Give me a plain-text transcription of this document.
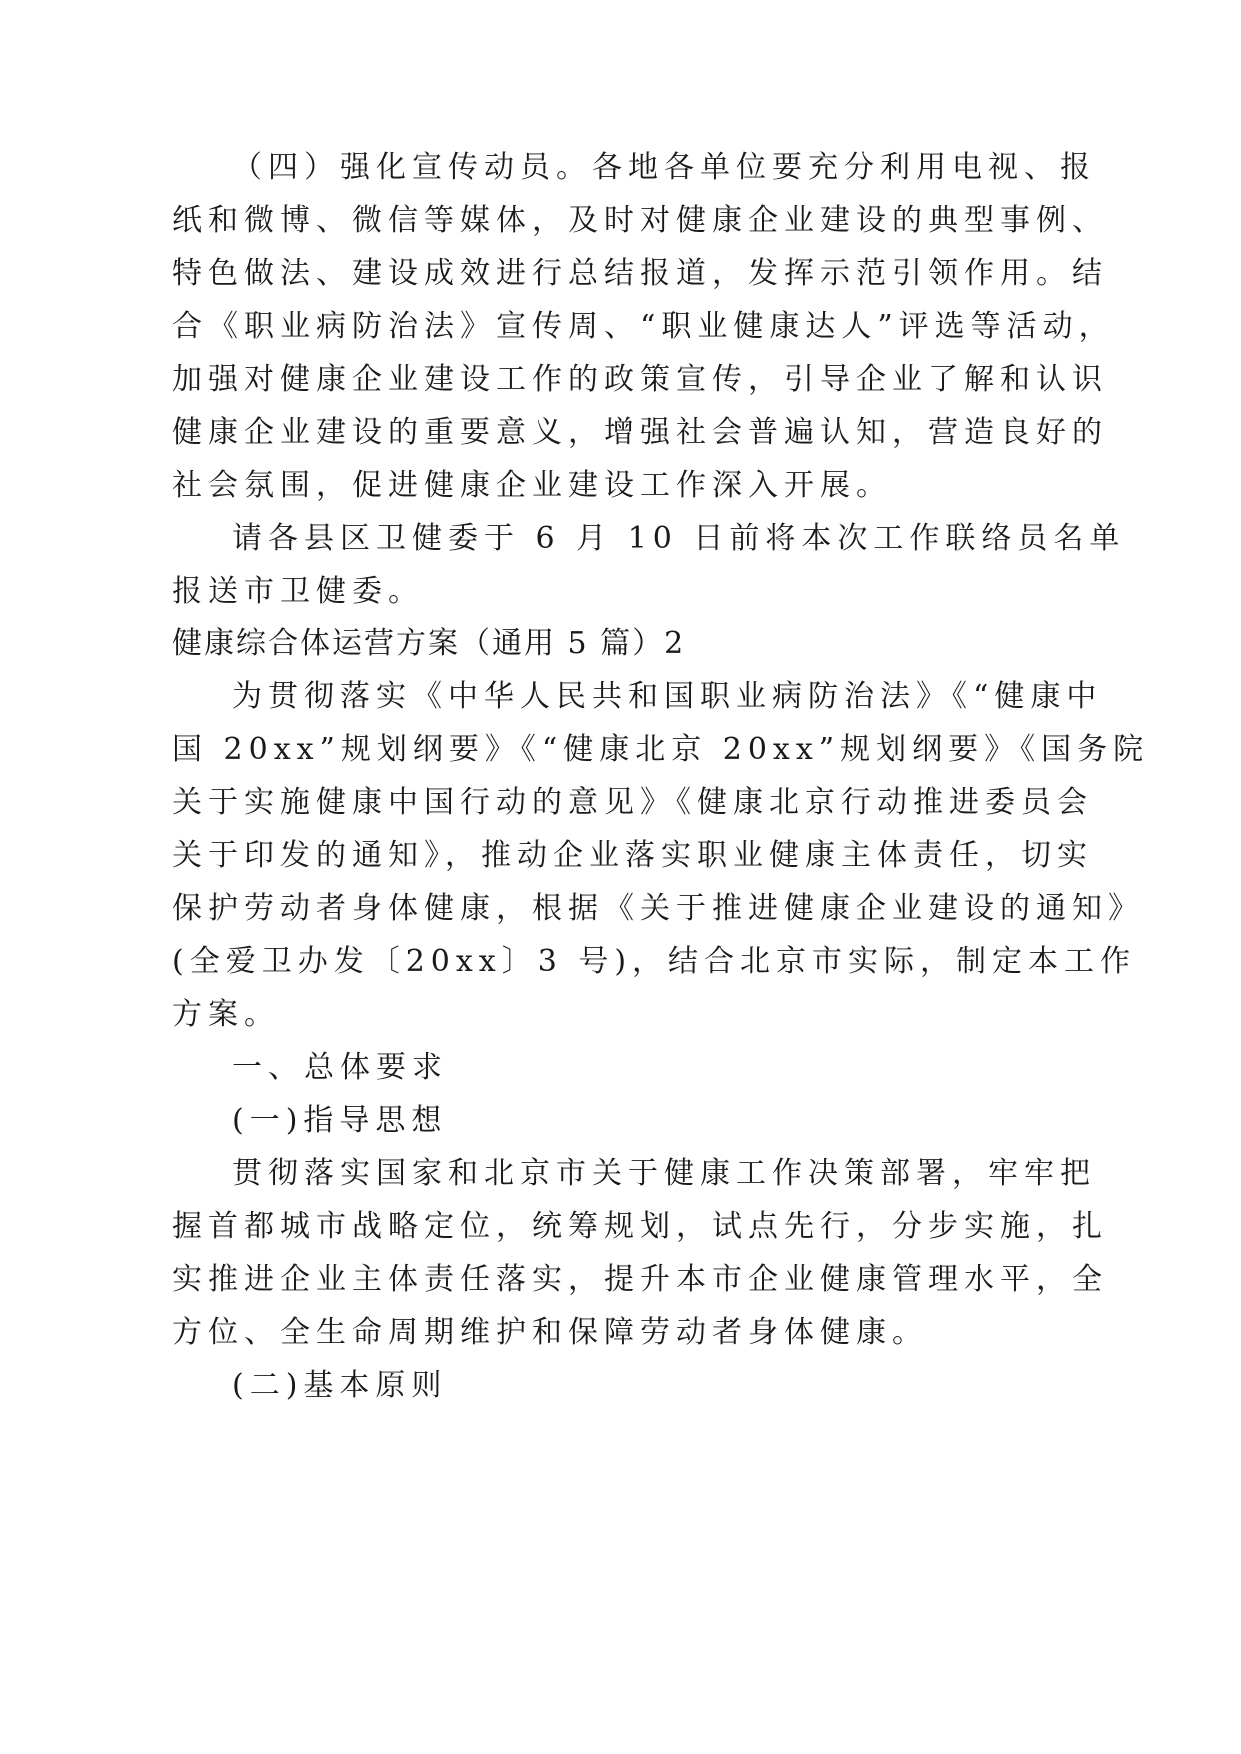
（四）强化宣传动员。各地各单位要充分利用电视、报
纸和微博、微信等媒体，及时对健康企业建设的典型事例、
特色做法、建设成效进行总结报道，发挥示范引领作用。结
合《职业病防治法》宣传周、“职业健康达人”评选等活动，
加强对健康企业建设工作的政策宣传，引导企业了解和认识
健康企业建设的重要意义，增强社会普遍认知，营造良好的
社会氛围，促进健康企业建设工作深入开展。
请各县区卫健委于 6 月 10 日前将本次工作联络员名单
报送市卫健委。
健康综合体运营方案（通用 5 篇）2
为贯彻落实《中华人民共和国职业病防治法》《“健康中
国 20xx”规划纲要》《“健康北京 20xx”规划纲要》《国务院
关于实施健康中国行动的意见》《健康北京行动推进委员会
关于印发的通知》，推动企业落实职业健康主体责任，切实
保护劳动者身体健康，根据《关于推进健康企业建设的通知》
(全爱卫办发〔20xx〕3 号)，结合北京市实际，制定本工作
方案。
一、总体要求
(一)指导思想
贯彻落实国家和北京市关于健康工作决策部署，牢牢把
握首都城市战略定位，统筹规划，试点先行，分步实施，扎
实推进企业主体责任落实，提升本市企业健康管理水平，全
方位、全生命周期维护和保障劳动者身体健康。
(二)基本原则
